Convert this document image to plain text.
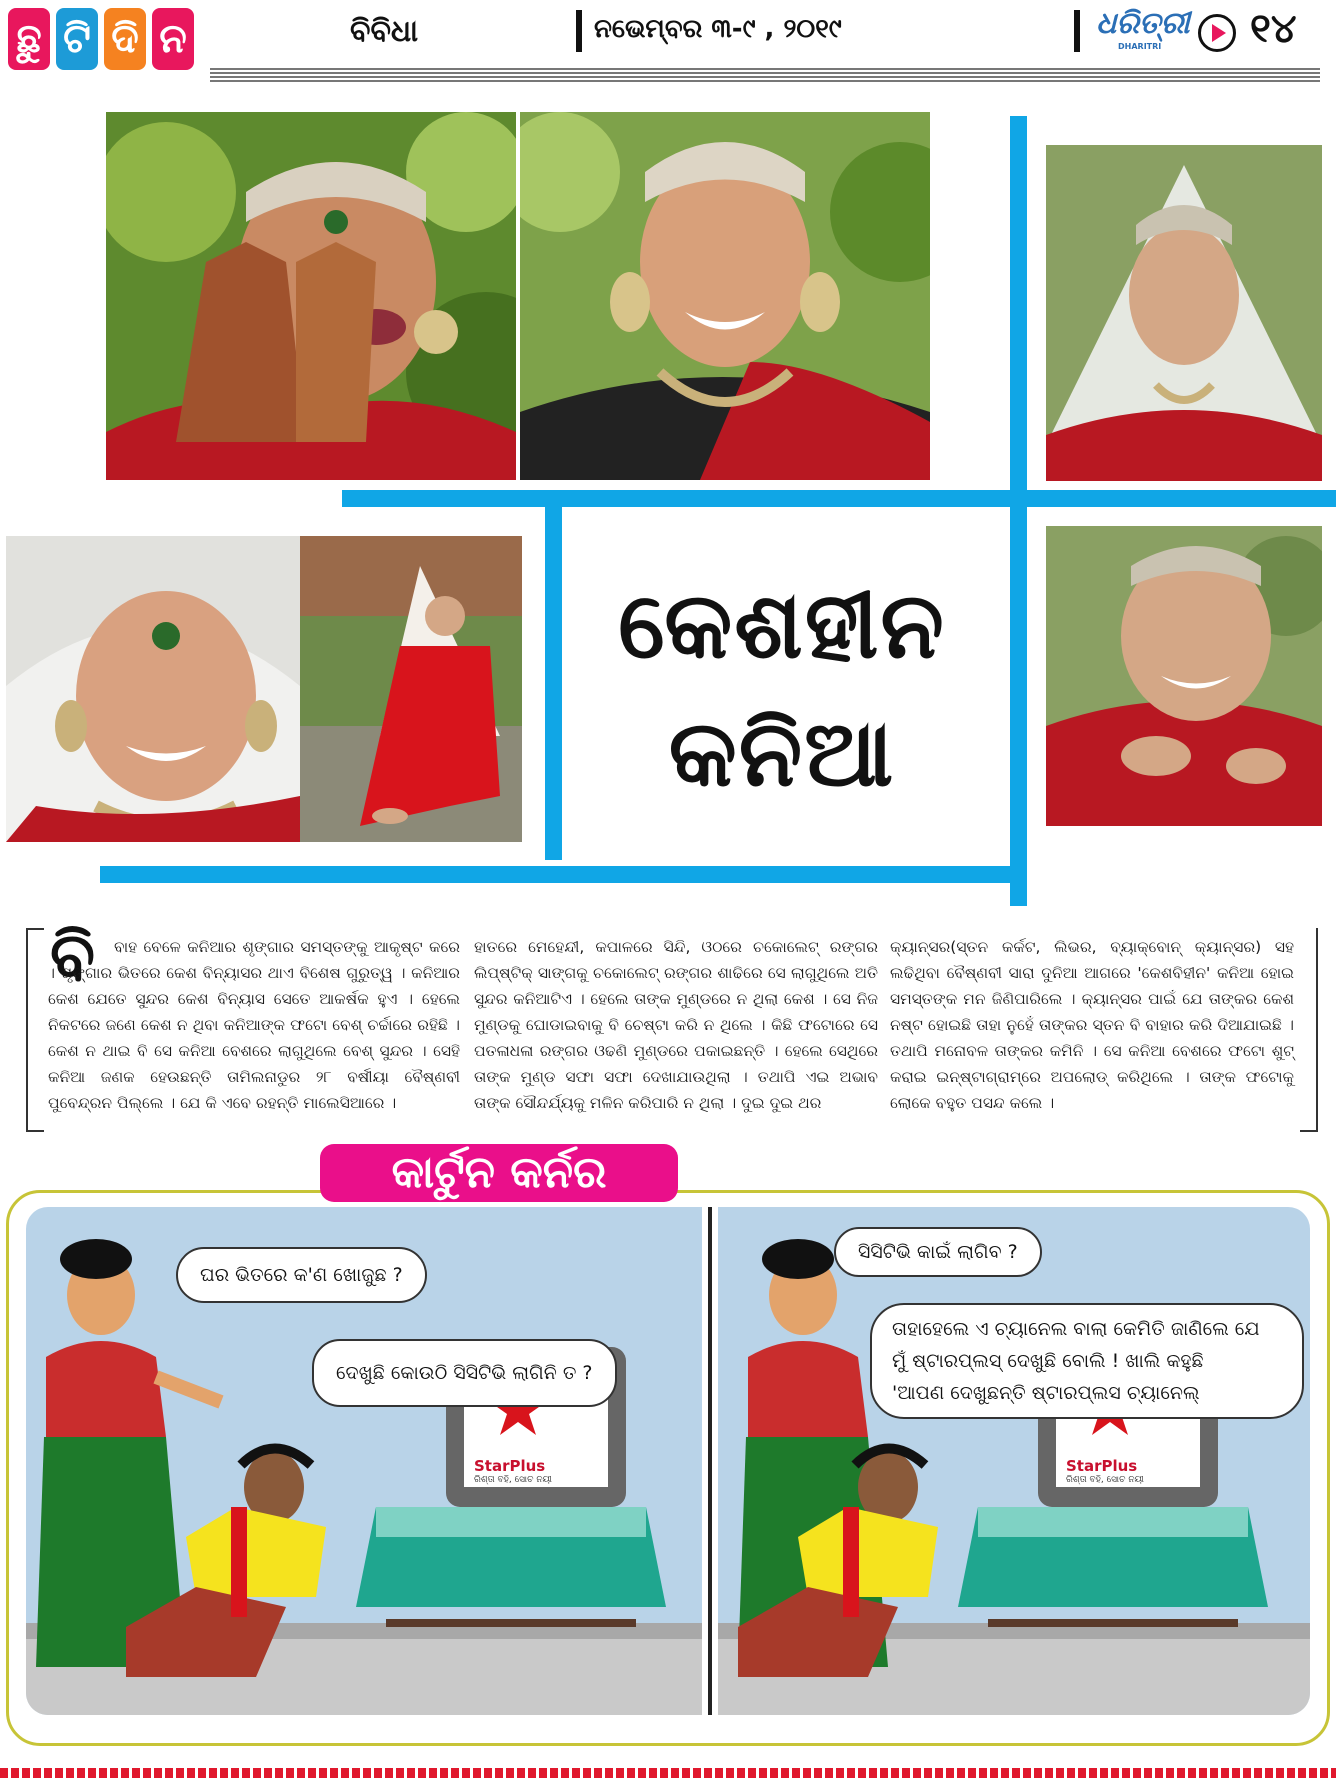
ଛୁ ଟି ଦି ନ	ବିବିଧା	ନଭେମ୍ବର ୩-୯ , ୨୦୧୯	ଧରିତ୍ରୀ
DHARITRI ୧୪
କେଶହୀନ
କନିଆ
ବି	ବାହ ବେଳେ କନିଆର ଶୃଙ୍ଗାର ସମସ୍ତଙ୍କୁ ଆକୃଷ୍ଟ କରେ । ଶୃଙ୍ଗାର ଭିତରେ କେଶ ବିନ୍ୟାସର ଥାଏ ବିଶେଷ ଗୁରୁତ୍ୱ । କନିଆର କେଶ ଯେତେ ସୁନ୍ଦର କେଶ ବିନ୍ୟାସ ସେତେ ଆକର୍ଷକ ହୁଏ । ହେଲେ ନିକଟରେ ଜଣେ କେଶ ନ ଥିବା କନିଆଙ୍କ ଫଟୋ ବେଶ୍ ଚର୍ଚ୍ଚାରେ ରହିଛି । କେଶ ନ ଥାଇ ବି ସେ କନିଆ ବେଶରେ ଲାଗୁଥିଲେ ବେଶ୍ ସୁନ୍ଦର । ସେହି କନିଆ ଜଣକ ହେଉଛନ୍ତି ତାମିଲନାଡୁର ୨୮ ବର୍ଷୀୟା ବୈଷ୍ଣବୀ ପୁବେନ୍ଦ୍ରନ ପିଲ୍ଲେ । ଯେ କି ଏବେ ରହନ୍ତି ମାଲେସିଆରେ ।
ହାତରେ ମେହେନ୍ଦୀ, କପାଳରେ ସିନ୍ଦି, ଓଠରେ ଚକୋଲେଟ୍ ରଙ୍ଗର ଲିପ୍‌ଷ୍ଟିକ୍ ସାଙ୍ଗକୁ ଚକୋଲେଟ୍ ରଙ୍ଗର ଶାଢିରେ ସେ ଲାଗୁଥିଲେ ଅତି ସୁନ୍ଦର କନିଆଟିଏ । ହେଲେ ତାଙ୍କ ମୁଣ୍ଡରେ ନ ଥିଲା କେଶ । ସେ ନିଜ ମୁଣ୍ଡକୁ ଘୋଡାଇବାକୁ ବି ଚେଷ୍ଟା କରି ନ ଥିଲେ । କିଛି ଫଟୋରେ ସେ ପତଳାଧଳା ରଙ୍ଗର ଓଢଣି ମୁଣ୍ଡରେ ପକାଇଛନ୍ତି । ହେଲେ ସେଥିରେ ତାଙ୍କ ମୁଣ୍ଡ ସଫା ସଫା ଦେଖାଯାଉଥିଲା । ତଥାପି ଏଇ ଅଭାବ ତାଙ୍କ ସୌନ୍ଦର୍ଯ୍ୟକୁ ମଳିନ କରିପାରି ନ ଥିଲା । ଦୁଇ ଦୁଇ ଥର
କ୍ୟାନ୍ସର(ସ୍ତନ କର୍କଟ, ଲିଭର, ବ୍ୟାକ୍‌ବୋନ୍ କ୍ୟାନ୍ସର) ସହ ଲଢିଥିବା ବୈଷ୍ଣବୀ ସାରା ଦୁନିଆ ଆଗରେ 'କେଶବିହୀନ' କନିଆ ହୋଇ ସମସ୍ତଙ୍କ ମନ ଜିଣିପାରିଲେ । କ୍ୟାନ୍ସର ପାଇଁ ଯେ ତାଙ୍କର କେଶ ନଷ୍ଟ ହୋଇଛି ତାହା ନୁହେଁ ତାଙ୍କର ସ୍ତନ ବି ବାହାର କରି ଦିଆଯାଇଛି । ତଥାପି ମନୋବଳ ତାଙ୍କର କମିନି । ସେ କନିଆ ବେଶରେ ଫଟୋ ଶୁଟ୍ କରାଇ ଇନ୍‌ଷ୍ଟାଗ୍ରାମ୍‌ରେ ଅପଲୋଡ୍ କରିଥିଲେ । ତାଙ୍କ ଫଟୋକୁ ଲୋକେ ବହୁତ ପସନ୍ଦ କଲେ ।
କାର୍ଟୁନ କର୍ନର
ଘର ଭିତରେ କ'ଣ ଖୋଜୁଛ ?
ଦେଖୁଛି କୋଉଠି ସିସିଟିଭି ଲାଗିନି ତ ?
StarPlus
ରିଶ୍ତା ବହି, ସୋଚ ନୟୀ
ସିସିଟିଭି କାଇଁ ଲାଗିବ ?
ତାହାହେଲେ ଏ ଚ୍ୟାନେଲ ବାଲା କେମିତି ଜାଣିଲେ ଯେ
ମୁଁ ଷ୍ଟାରପ୍ଲସ୍ ଦେଖୁଛି ବୋଲି ! ଖାଲି କହୁଛି
'ଆପଣ ଦେଖୁଛନ୍ତି ଷ୍ଟାରପ୍ଲସ ଚ୍ୟାନେଲ୍
StarPlus
ରିଶ୍ତା ବହି, ସୋଚ ନୟୀ
